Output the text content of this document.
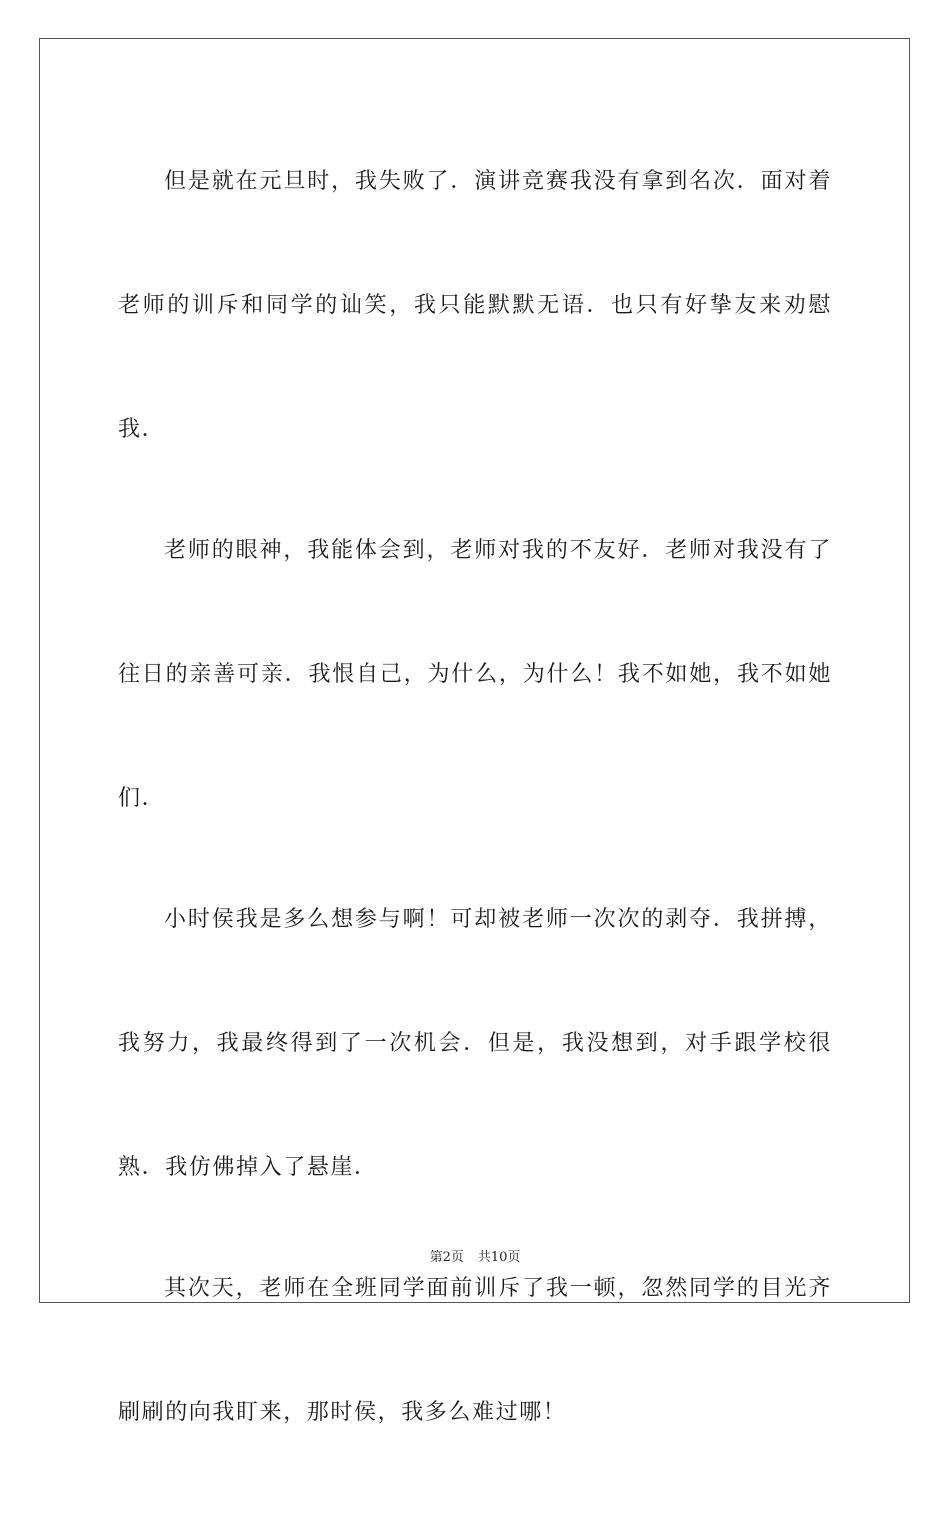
但是就在元旦时，我失败了．演讲竞赛我没有拿到名次．面对着老师的训斥和同学的讪笑，我只能默默无语．也只有好挚友来劝慰我．

老师的眼神，我能体会到，老师对我的不友好．老师对我没有了往日的亲善可亲．我恨自己，为什么，为什么！我不如她，我不如她们．

小时侯我是多么想参与啊！可却被老师一次次的剥夺．我拼搏，我努力，我最终得到了一次机会．但是，我没想到，对手跟学校很熟．我仿佛掉入了悬崖．

其次天，老师在全班同学面前训斥了我一顿，忽然同学的目光齐刷刷的向我盯来，那时侯，我多么难过哪！

第2页 共10页
